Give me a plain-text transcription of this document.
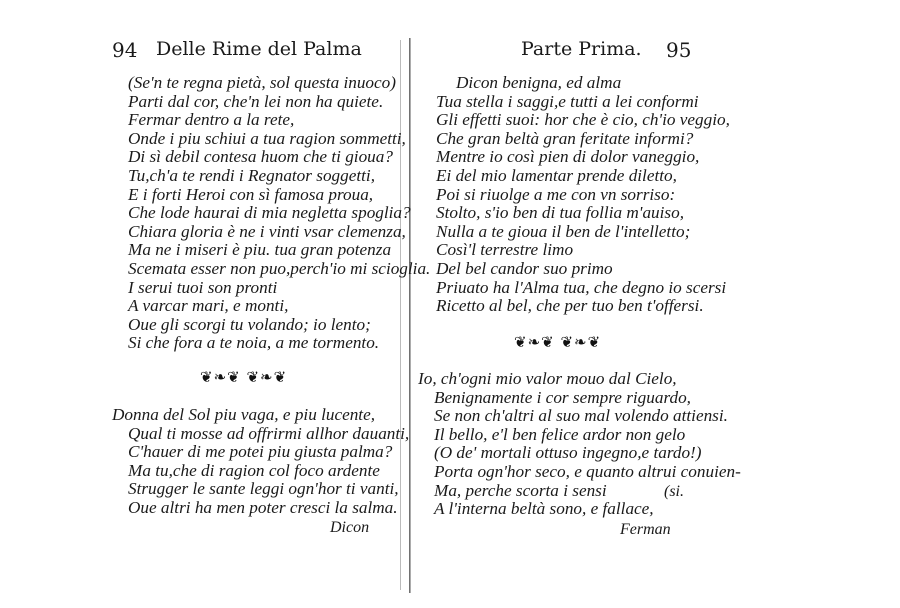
94 Delle Rime del Palma
(Se'n te regna pietà, sol questa inuoco)
Parti dal cor, che'n lei non ha quiete.
Fermar dentro a la rete,
Onde i piu schiui a tua ragion sommetti,
Di sì debil contesa huom che ti gioua?
Tu,ch'a te rendi i Regnator soggetti,
E i forti Heroi con sì famosa proua,
Che lode haurai di mia negletta spoglia?
Chiara gloria è ne i vinti vsar clemenza,
Ma ne i miseri è piu. tua gran potenza
Scemata esser non puo,perch'io mi scioglia.
I serui tuoi son pronti
A varcar mari, e monti,
Oue gli scorgi tu volando; io lento;
Si che fora a te noia, a me tormento.
❦❧❦ ❦❧❦
Donna del Sol piu vaga, e piu lucente,
Qual ti mosse ad offrirmi allhor dauanti,
C'hauer di me potei piu giusta palma?
Ma tu,che di ragion col foco ardente
Strugger le sante leggi ogn'hor ti vanti,
Oue altri ha men poter cresci la salma.
Dicon
Parte Prima. 95
Dicon benigna, ed alma
Tua stella i saggi,e tutti a lei conformi
Gli effetti suoi: hor che è cio, ch'io veggio,
Che gran beltà gran feritate informi?
Mentre io così pien di dolor vaneggio,
Ei del mio lamentar prende diletto,
Poi si riuolge a me con vn sorriso:
Stolto, s'io ben di tua follia m'auiso,
Nulla a te gioua il ben de l'intelletto;
Così'l terrestre limo
Del bel candor suo primo
Priuato ha l'Alma tua, che degno io scersi
Ricetto al bel, che per tuo ben t'offersi.
❦❧❦ ❦❧❦
Io, ch'ogni mio valor mouo dal Cielo,
Benignamente i cor sempre riguardo,
Se non ch'altri al suo mal volendo attiensi.
Il bello, e'l ben felice ardor non gelo
(O de' mortali ottuso ingegno,e tardo!)
Porta ogn'hor seco, e quanto altrui conuien-
Ma, perche scorta i sensi
A l'interna beltà sono, e fallace,
(si.
Ferman
